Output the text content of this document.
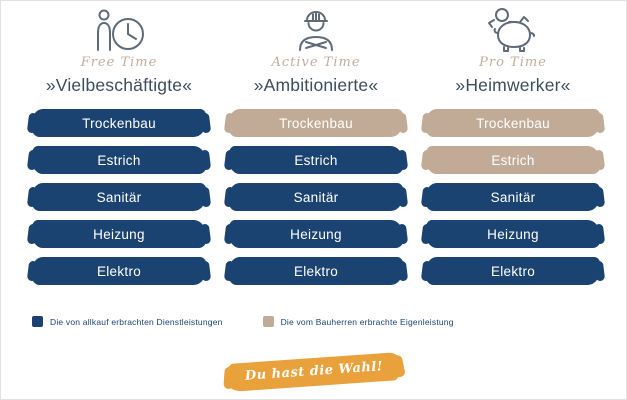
Free Time
»Vielbeschäftigte«
Trockenbau
Estrich
Sanitär
Heizung
Elektro
Active Time
»Ambitionierte«
Trockenbau
Estrich
Sanitär
Heizung
Elektro
Pro Time
»Heimwerker«
Trockenbau
Estrich
Sanitär
Heizung
Elektro
Die von allkauf erbrachten Dienstleistungen	Die vom Bauherren erbrachte Eigenleistung
Du hast die Wahl!
